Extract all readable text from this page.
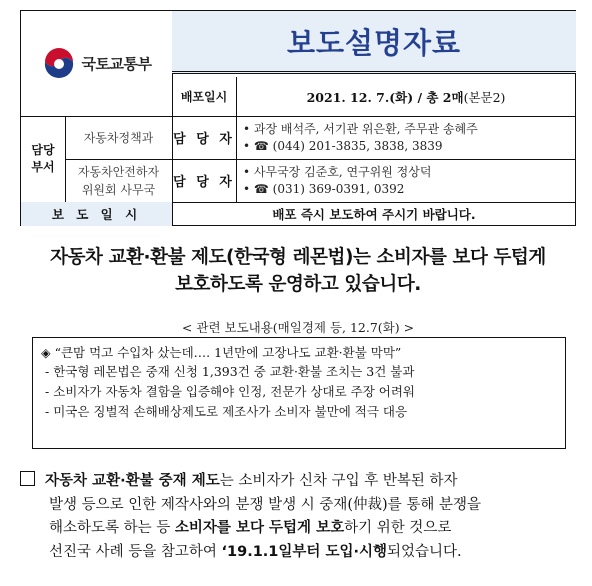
국토교통부
보도설명자료
배포일시	2021. 12. 7.(화) / 총 2매 (본문2)
담당
부서
자동차정책과
자동차안전하자
위원회 사무국
담 당 자
담 당 자
• 과장 배석주, 서기관 위은환, 주무관 송혜주
• ☎ (044) 201-3835, 3838, 3839
• 사무국장 김준호, 연구위원 정상덕
• ☎ (031) 369-0391, 0392
보 도 일 시	배포 즉시 보도하여 주시기 바랍니다.
자동차 교환·환불 제도(한국형 레몬법)는 소비자를 보다 두텁게
보호하도록 운영하고 있습니다.
< 관련 보도내용(매일경제 등, 12.7(화) >
◈ “큰맘 먹고 수입차 샀는데…. 1년만에 고장나도 교환·환불 막막”
- 한국형 레몬법은 중재 신청 1,393건 중 교환·환불 조치는 3건 불과
- 소비자가 자동차 결함을 입증해야 인정, 전문가 상대로 주장 어려워
- 미국은 징벌적 손해배상제도로 제조사가 소비자 불만에 적극 대응
자동차 교환·환불 중재 제도는 소비자가 신차 구입 후 반복된 하자
발생 등으로 인한 제작사와의 분쟁 발생 시 중재(仲裁)를 통해 분쟁을
해소하도록 하는 등 소비자를 보다 두텁게 보호하기 위한 것으로
선진국 사례 등을 참고하여 ‘19.1.1일부터 도입·시행되었습니다.
